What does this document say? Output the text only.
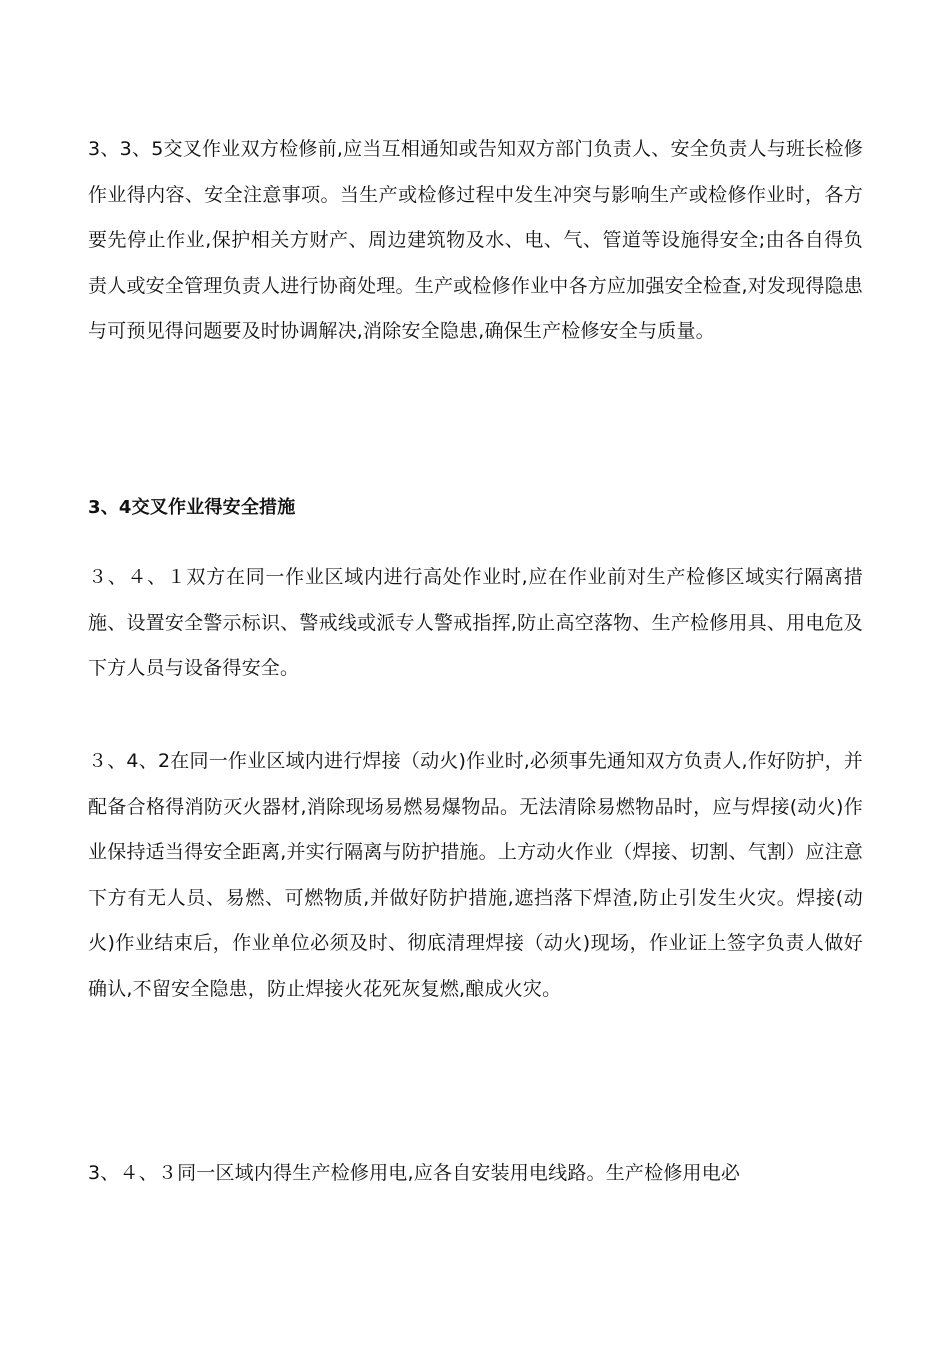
3、3、5交叉作业双方检修前,应当互相通知或告知双方部门负责人、安全负责人与班长检修作业得内容、安全注意事项。当生产或检修过程中发生冲突与影响生产或检修作业时，各方要先停止作业,保护相关方财产、周边建筑物及水、电、气、管道等设施得安全;由各自得负责人或安全管理负责人进行协商处理。生产或检修作业中各方应加强安全检查,对发现得隐患与可预见得问题要及时协调解决,消除安全隐患,确保生产检修安全与质量。

3、4交叉作业得安全措施

３、４、１双方在同一作业区域内进行高处作业时,应在作业前对生产检修区域实行隔离措施、设置安全警示标识、警戒线或派专人警戒指挥,防止高空落物、生产检修用具、用电危及下方人员与设备得安全。

３、4、2在同一作业区域内进行焊接（动火)作业时,必须事先通知双方负责人,作好防护，并配备合格得消防灭火器材,消除现场易燃易爆物品。无法清除易燃物品时，应与焊接(动火)作业保持适当得安全距离,并实行隔离与防护措施。上方动火作业（焊接、切割、气割）应注意下方有无人员、易燃、可燃物质,并做好防护措施,遮挡落下焊渣,防止引发生火灾。焊接(动火)作业结束后，作业单位必须及时、彻底清理焊接（动火)现场，作业证上签字负责人做好确认,不留安全隐患，防止焊接火花死灰复燃,酿成火灾。

3、４、３同一区域内得生产检修用电,应各自安装用电线路。生产检修用电必
